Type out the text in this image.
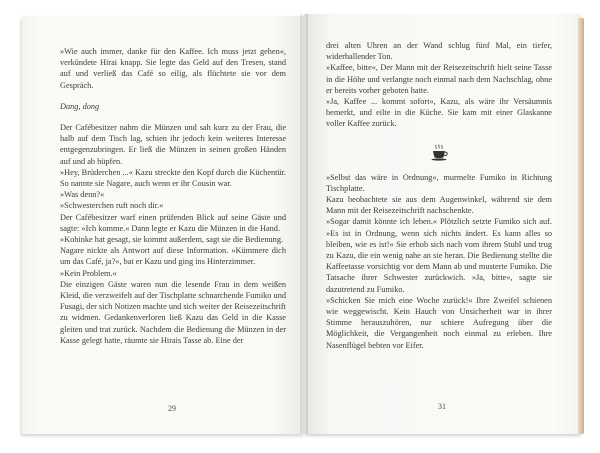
»Wie auch immer, danke für den Kaffee. Ich muss jetzt gehen«, verkündete Hirai knapp. Sie legte das Geld auf den Tresen, stand auf und verließ das Café so eilig, als flüchtete sie vor dem Gespräch.

Dang, dong

Der Cafébesitzer nahm die Münzen und sah kurz zu der Frau, die halb auf dem Tisch lag, schien ihr jedoch kein weiteres Interesse entgegenzubringen. Er ließ die Münzen in seinen großen Händen auf und ab hüpfen.

»Hey, Brüderchen ...« Kazu streckte den Kopf durch die Küchentür. So nannte sie Nagare, auch wenn er ihr Cousin war.

»Was denn?«

»Schwesterchen ruft noch dir.«

Der Cafébesitzer warf einen prüfenden Blick auf seine Gäste und sagte: »Ich komme.« Dann legte er Kazu die Münzen in die Hand.

»Kohinke hat gesagt, sie kommt außerdem, sagt sie die Bedienung.

Nagare nickte als Antwort auf diese Information. »Kümmere dich um das Café, ja?«, bat er Kazu und ging ins Hinterzimmer.

»Kein Problem.«

Die einzigen Gäste waren nun die lesende Frau in dem weißen Kleid, die verzweifelt auf der Tischplatte schnarchende Fumiko und Fusagi, der sich Notizen machte und sich weiter der Reisezeitschrift zu widmen. Gedankenverloren ließ Kazu das Geld in die Kasse gleiten und trat zurück. Nachdem die Bedienung die Münzen in der Kasse gelegt hatte, räumte sie Hirais Tasse ab. Eine der

29

drei alten Uhren an der Wand schlug fünf Mal, ein tiefer, widerhallender Ton.

»Kaffee, bitte«, Der Mann mit der Reisezeitschrift hielt seine Tasse in die Höhe und verlangte noch einmal nach dem Nachschlag, ohne er bereits vorher geboten hatte.

»Ja, Kaffee ... kommt sofort«, Kazu, als wäre ihr Versäumnis bemerkt, und eilte in die Küche. Sie kam mit einer Glaskanne voller Kaffee zurück.

»Selbst das wäre in Ordnung«, murmelte Fumiko in Richtung Tischplatte.

Kazu beobachtete sie aus dem Augenwinkel, während sie dem Mann mit der Reisezeitschrift nachschenkte.

»Sogar damit könnte ich leben.« Plötzlich setzte Fumiko sich auf. »Es ist in Ordnung, wenn sich nichts ändert. Es kann alles so bleiben, wie es ist!« Sie erhob sich nach vom ihrem Stuhl und trug zu Kazu, die ein wenig nahe an sie heran. Die Bedienung stellte die Kaffeetasse vorsichtig vor dem Mann ab und musterte Fumiko. Die Tatsache ihrer Schwester zurückwich. »Ja, bitte«, sagte sie dazutretend zu Fumiko.

»Schicken Sie mich eine Woche zurück!« Ihre Zweifel schienen wie weggewischt. Kein Hauch von Unsicherheit war in ihrer Stimme herauszuhören, nur schiere Aufregung über die Möglichkeit, die Vergangenheit noch einmal zu erleben. Ihre Nasenflügel bebten vor Eifer.

31
